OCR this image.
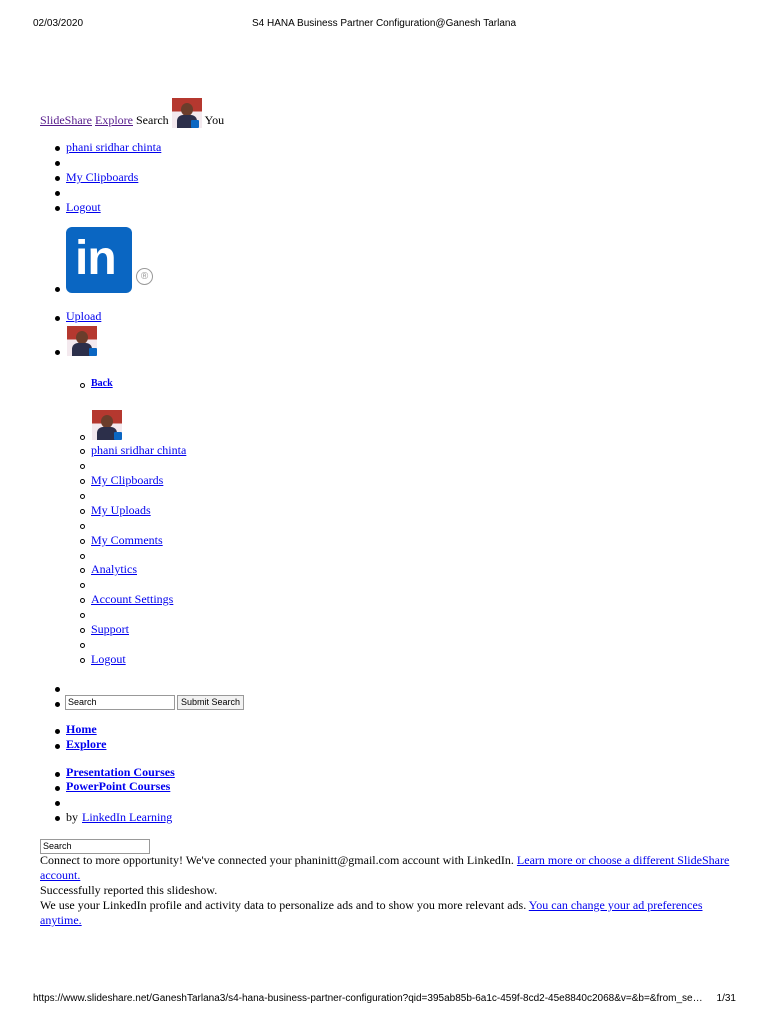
02/03/2020	S4 HANA Business Partner Configuration@Ganesh Tarlana
SlideShare Explore Search	You
phani sridhar chinta
My Clipboards
Logout
in	®
Upload
Back
phani sridhar chinta
My Clipboards
My Uploads
My Comments
Analytics
Account Settings
Support
Logout
Search	Submit Search
Home
Explore
Presentation Courses
PowerPoint Courses
by LinkedIn Learning
Search

Connect to more opportunity! We've connected your phaninitt@gmail.com account with LinkedIn. Learn more or choose a different SlideShare account.

Successfully reported this slideshow.

We use your LinkedIn profile and activity data to personalize ads and to show you more relevant ads. You can change your ad preferences anytime.

https://www.slideshare.net/GaneshTarlana3/s4-hana-business-partner-configuration?qid=395ab85b-6a1c-459f-8cd2-45e8840c2068&v=&b=&from_se…	1/31
